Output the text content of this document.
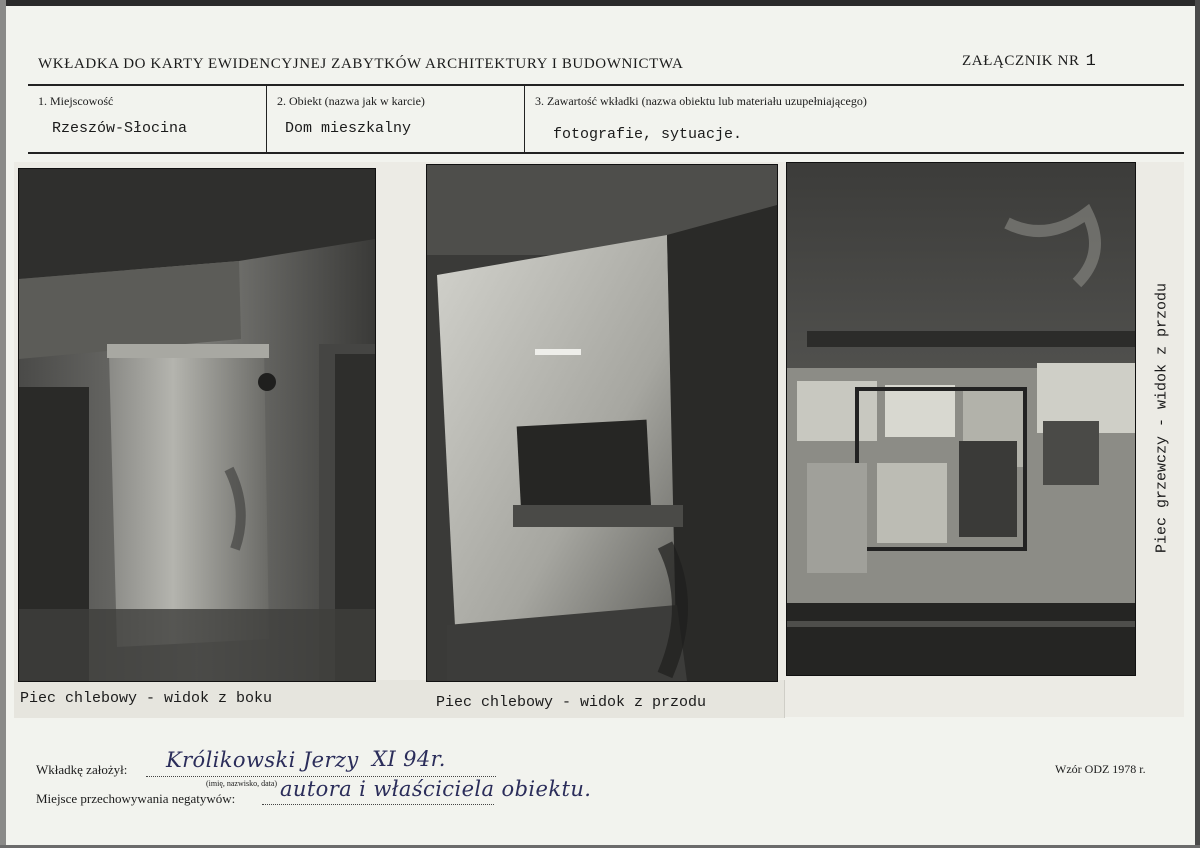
WKŁADKA DO KARTY EWIDENCYJNEJ ZABYTKÓW ARCHITEKTURY I BUDOWNICTWA	ZAŁĄCZNIK NR 1
1. Miejscowość
Rzeszów-Słocina
2. Obiekt (nazwa jak w karcie)
Dom mieszkalny
3. Zawartość wkładki (nazwa obiektu lub materiału uzupełniającego)
fotografie, sytuacje.
Piec chlebowy - widok z boku	Piec chlebowy - widok z przodu
Piec grzewczy - widok z przodu
Wkładkę założył: Królikowski Jerzy XI 94r.
(imię, nazwisko, data)
Miejsce przechowywania negatywów: autora i właściciela obiektu.
Wzór ODZ 1978 r.
